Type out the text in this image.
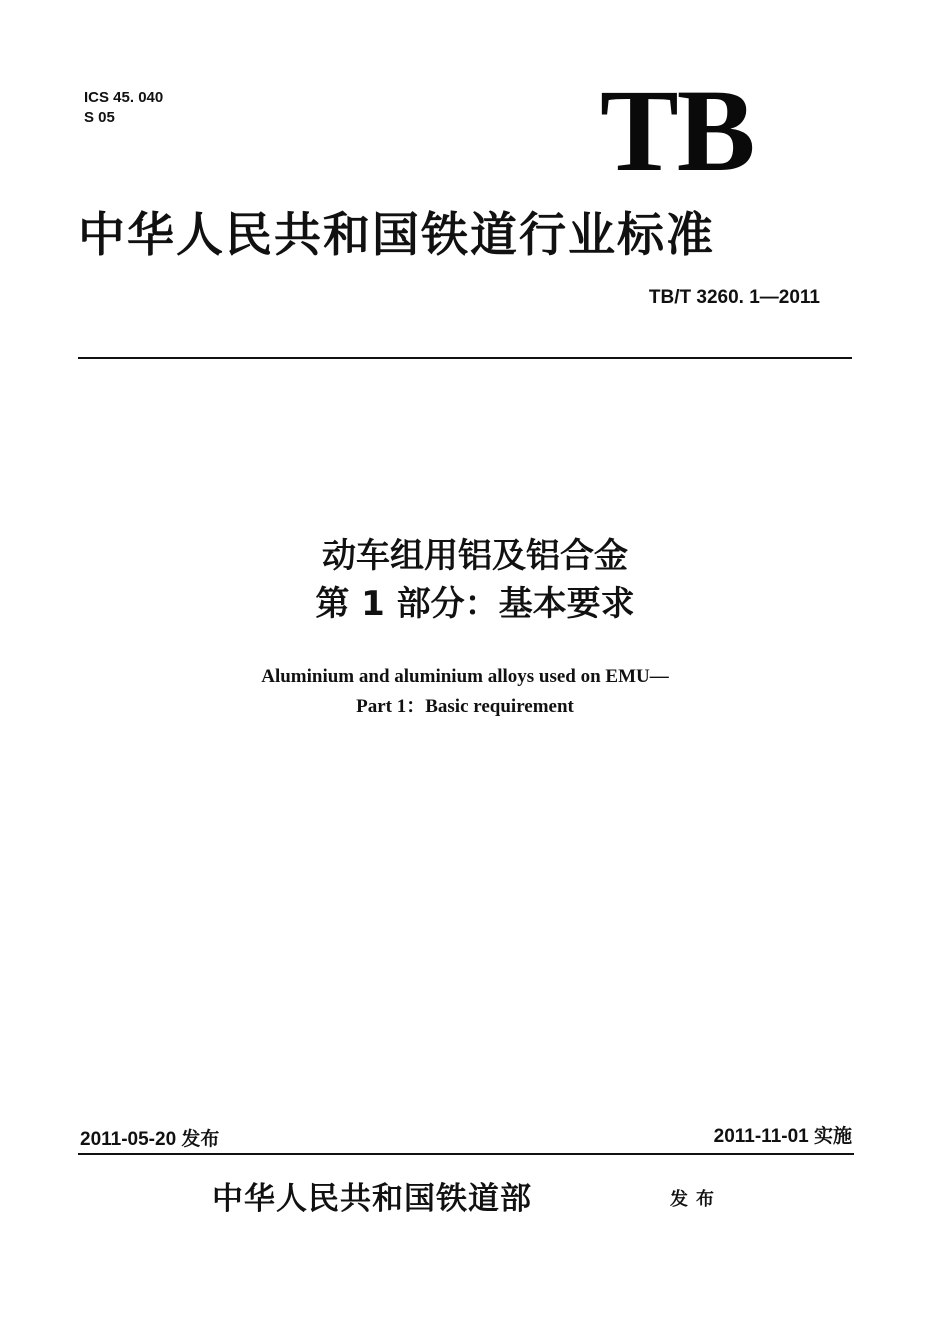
ICS 45. 040
S 05	TB
中华人民共和国铁道行业标准
TB/T 3260. 1—2011
动车组用铝及铝合金
第 1 部分：基本要求
Aluminium and aluminium alloys used on EMU—
Part 1：Basic requirement
2011-05-20 发布	2011-11-01 实施
中华人民共和国铁道部	发布
